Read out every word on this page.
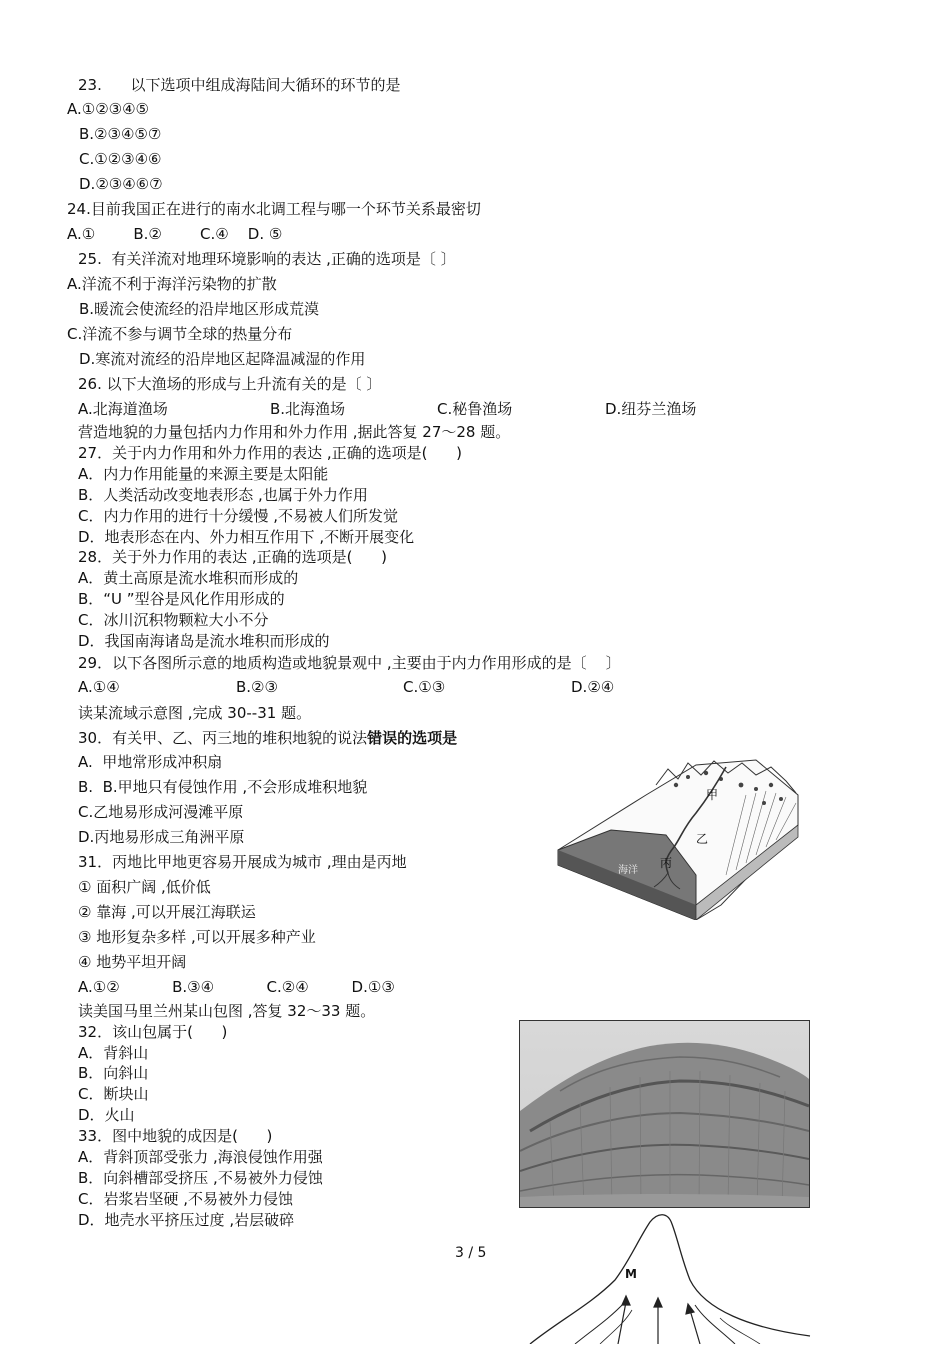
23.      以下选项中组成海陆间大循环的环节的是
A.①②③④⑤
B.②③④⑤⑦
C.①②③④⑥
D.②③④⑥⑦
24.目前我国正在进行的南水北调工程与哪一个环节关系最密切
A.①        B.②        C.④    D. ⑤
25.  有关洋流对地理环境影响的表达 ,正确的选项是〔 〕
A.洋流不利于海洋污染物的扩散
B.暖流会使流经的沿岸地区形成荒漠
C.洋流不参与调节全球的热量分布
D.寒流对流经的沿岸地区起降温减湿的作用
26. 以下大渔场的形成与上升流有关的是〔 〕
A.北海道渔场	B.北海渔场	C.秘鲁渔场	D.纽芬兰渔场
营造地貌的力量包括内力作用和外力作用 ,据此答复 27～28 题。
27．关于内力作用和外力作用的表达 ,正确的选项是(      )
A．内力作用能量的来源主要是太阳能
B．人类活动改变地表形态 ,也属于外力作用
C．内力作用的进行十分缓慢 ,不易被人们所发觉
D．地表形态在内、外力相互作用下 ,不断开展变化
28．关于外力作用的表达 ,正确的选项是(      )
A．黄土高原是流水堆积而形成的
B．“U ”型谷是风化作用形成的
C．冰川沉积物颗粒大小不分
D．我国南海诸岛是流水堆积而形成的
29．以下各图所示意的地质构造或地貌景观中 ,主要由于内力作用形成的是〔    〕
A.①④	B.②③	C.①③	D.②④
读某流域示意图 ,完成 30--31 题。
30．有关甲、乙、丙三地的堆积地貌的说法错误的选项是
A.  甲地常形成冲积扇
B.  B.甲地只有侵蚀作用 ,不会形成堆积地貌
C.乙地易形成河漫滩平原
D.丙地易形成三角洲平原
31．丙地比甲地更容易开展成为城市 ,理由是丙地
① 面积广阔 ,低价低
② 靠海 ,可以开展江海联运
③ 地形复杂多样 ,可以开展多种产业
④ 地势平坦开阔
A.①②           B.③④           C.②④         D.①③
读美国马里兰州某山包图 ,答复 32～33 题。
32．该山包属于(      )
A．背斜山
B．向斜山
C．断块山
D．火山
33．图中地貌的成因是(      )
A．背斜顶部受张力 ,海浪侵蚀作用强
B．向斜槽部受挤压 ,不易被外力侵蚀
C．岩浆岩坚硬 ,不易被外力侵蚀
D．地壳水平挤压过度 ,岩层破碎
甲
乙
丙
海洋
M
3 / 5
